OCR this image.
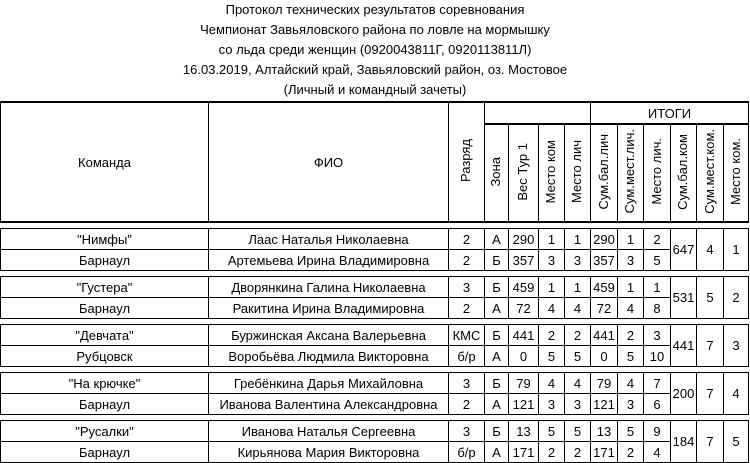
Протокол технических результатов соревнования
Чемпионат Завьяловского района по ловле на мормышку
со льда среди женщин (0920043811Г, 0920113811Л)
16.03.2019, Алтайский край, Завьяловский район, оз. Мостовое
(Личный и командный зачеты)
Команда	ФИО	Разряд					ИТОГИ					
			Зона	Вес Тур 1	Место ком	Место лич	Сум.бал.лич	Сум.мест.лич.	Место лич.	Сум.бал.ком	Сум.мест.ком.	Место ком.

"Нимфы"	Лаас Наталья Николаевна	2	А	290	1	1	290	1	2	647	4	1
Барнаул	Артемьева Ирина Владимировна	2	Б	357	3	3	357	3	5			

"Густера"	Дворянкина Галина Николаевна	3	Б	459	1	1	459	1	1	531	5	2
Барнаул	Ракитина Ирина Владимировна	2	А	72	4	4	72	4	8			

"Девчата"	Буржинская Аксана Валерьевна	КМС	Б	441	2	2	441	2	3	441	7	3
Рубцовск	Воробьёва Людмила Викторовна	б/р	А	0	5	5	0	5	10			

"На крючке"	Гребёнкина Дарья Михайловна	3	Б	79	4	4	79	4	7	200	7	4
Барнаул	Иванова Валентина Александровна	2	А	121	3	3	121	3	6			

"Русалки"	Иванова Наталья Сергеевна	3	Б	13	5	5	13	5	9	184	7	5
Барнаул	Кирьянова Мария Викторовна	б/р	А	171	2	2	171	2	4			
